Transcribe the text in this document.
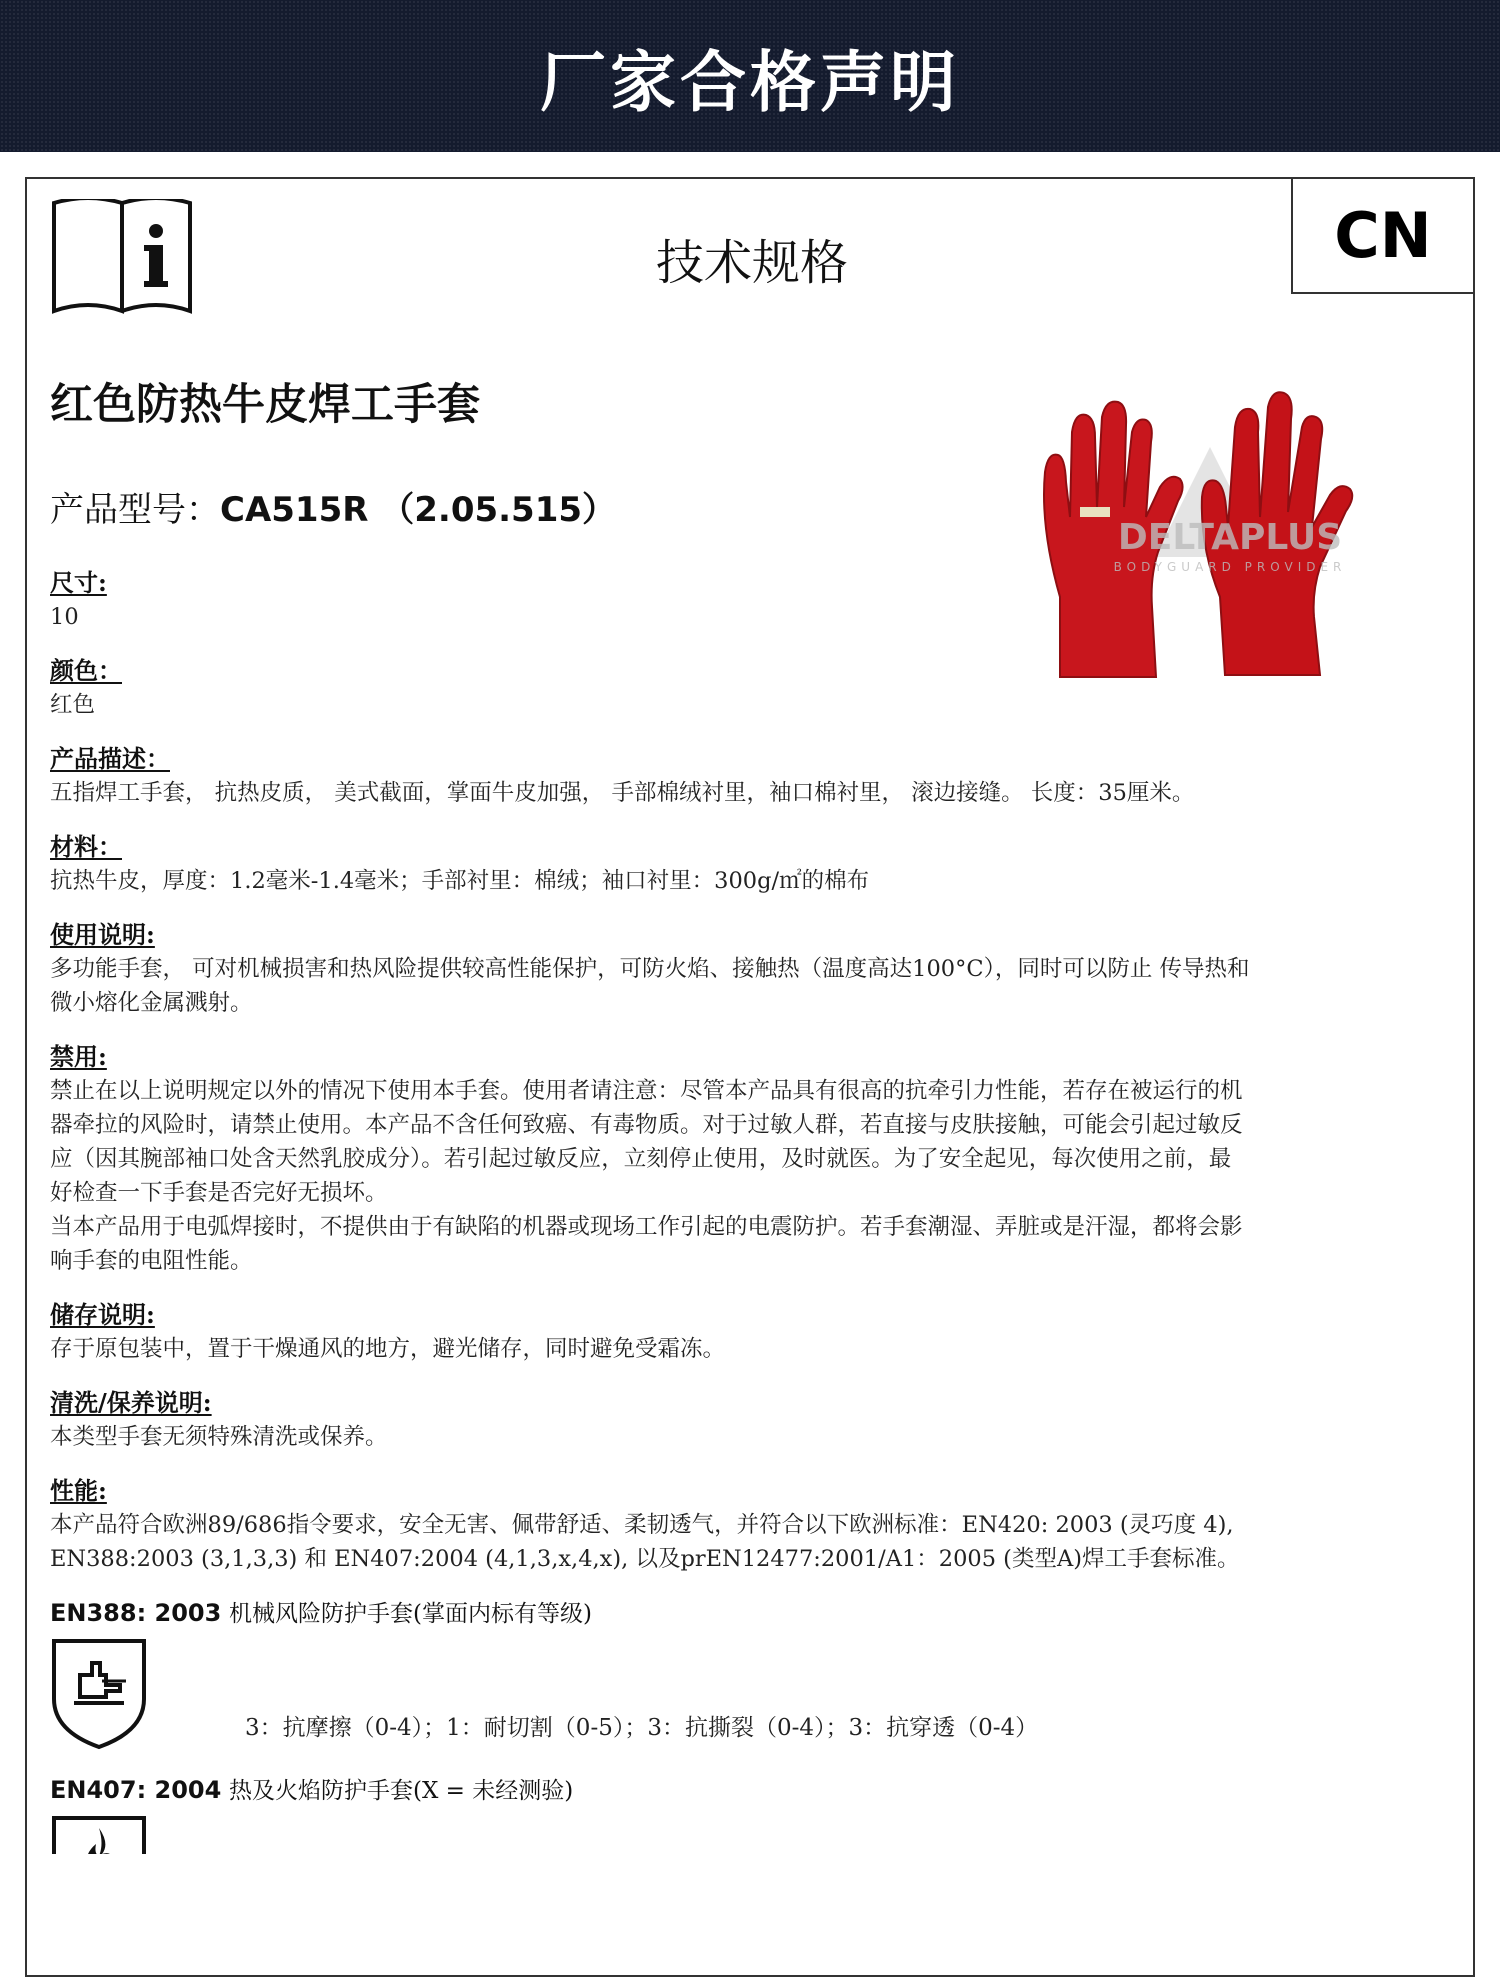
厂家合格声明
技术规格	CN
红色防热牛皮焊工手套
产品型号：CA515R （2.05.515）
DELTAPLUS
BODYGUARD PROVIDER
尺寸:
10
颜色：
红色
产品描述：
五指焊工手套， 抗热皮质， 美式截面，掌面牛皮加强， 手部棉绒衬里，袖口棉衬里， 滚边接缝。 长度：35厘米。
材料：
抗热牛皮，厚度：1.2毫米-1.4毫米；手部衬里：棉绒；袖口衬里：300g/㎡的棉布
使用说明:
多功能手套， 可对机械损害和热风险提供较高性能保护，可防火焰、接触热（温度高达100°C），同时可以防止 传导热和
微小熔化金属溅射。
禁用:
禁止在以上说明规定以外的情况下使用本手套。使用者请注意：尽管本产品具有很高的抗牵引力性能，若存在被运行的机
器牵拉的风险时，请禁止使用。本产品不含任何致癌、有毒物质。对于过敏人群，若直接与皮肤接触，可能会引起过敏反
应（因其腕部袖口处含天然乳胶成分）。若引起过敏反应，立刻停止使用，及时就医。为了安全起见，每次使用之前，最
好检查一下手套是否完好无损坏。
当本产品用于电弧焊接时，不提供由于有缺陷的机器或现场工作引起的电震防护。若手套潮湿、弄脏或是汗湿，都将会影
响手套的电阻性能。
储存说明:
存于原包装中，置于干燥通风的地方，避光储存，同时避免受霜冻。
清洗/保养说明:
本类型手套无须特殊清洗或保养。
性能:
本产品符合欧洲89/686指令要求，安全无害、佩带舒适、柔韧透气，并符合以下欧洲标准：EN420: 2003 (灵巧度 4),
EN388:2003 (3,1,3,3) 和 EN407:2004 (4,1,3,x,4,x), 以及prEN12477:2001/A1：2005 (类型A)焊工手套标准。
EN388: 2003 机械风险防护手套(掌面内标有等级)
3：抗摩擦（0-4）；1：耐切割（0-5）；3：抗撕裂（0-4）；3：抗穿透（0-4）
EN407: 2004 热及火焰防护手套(X = 未经测验)
